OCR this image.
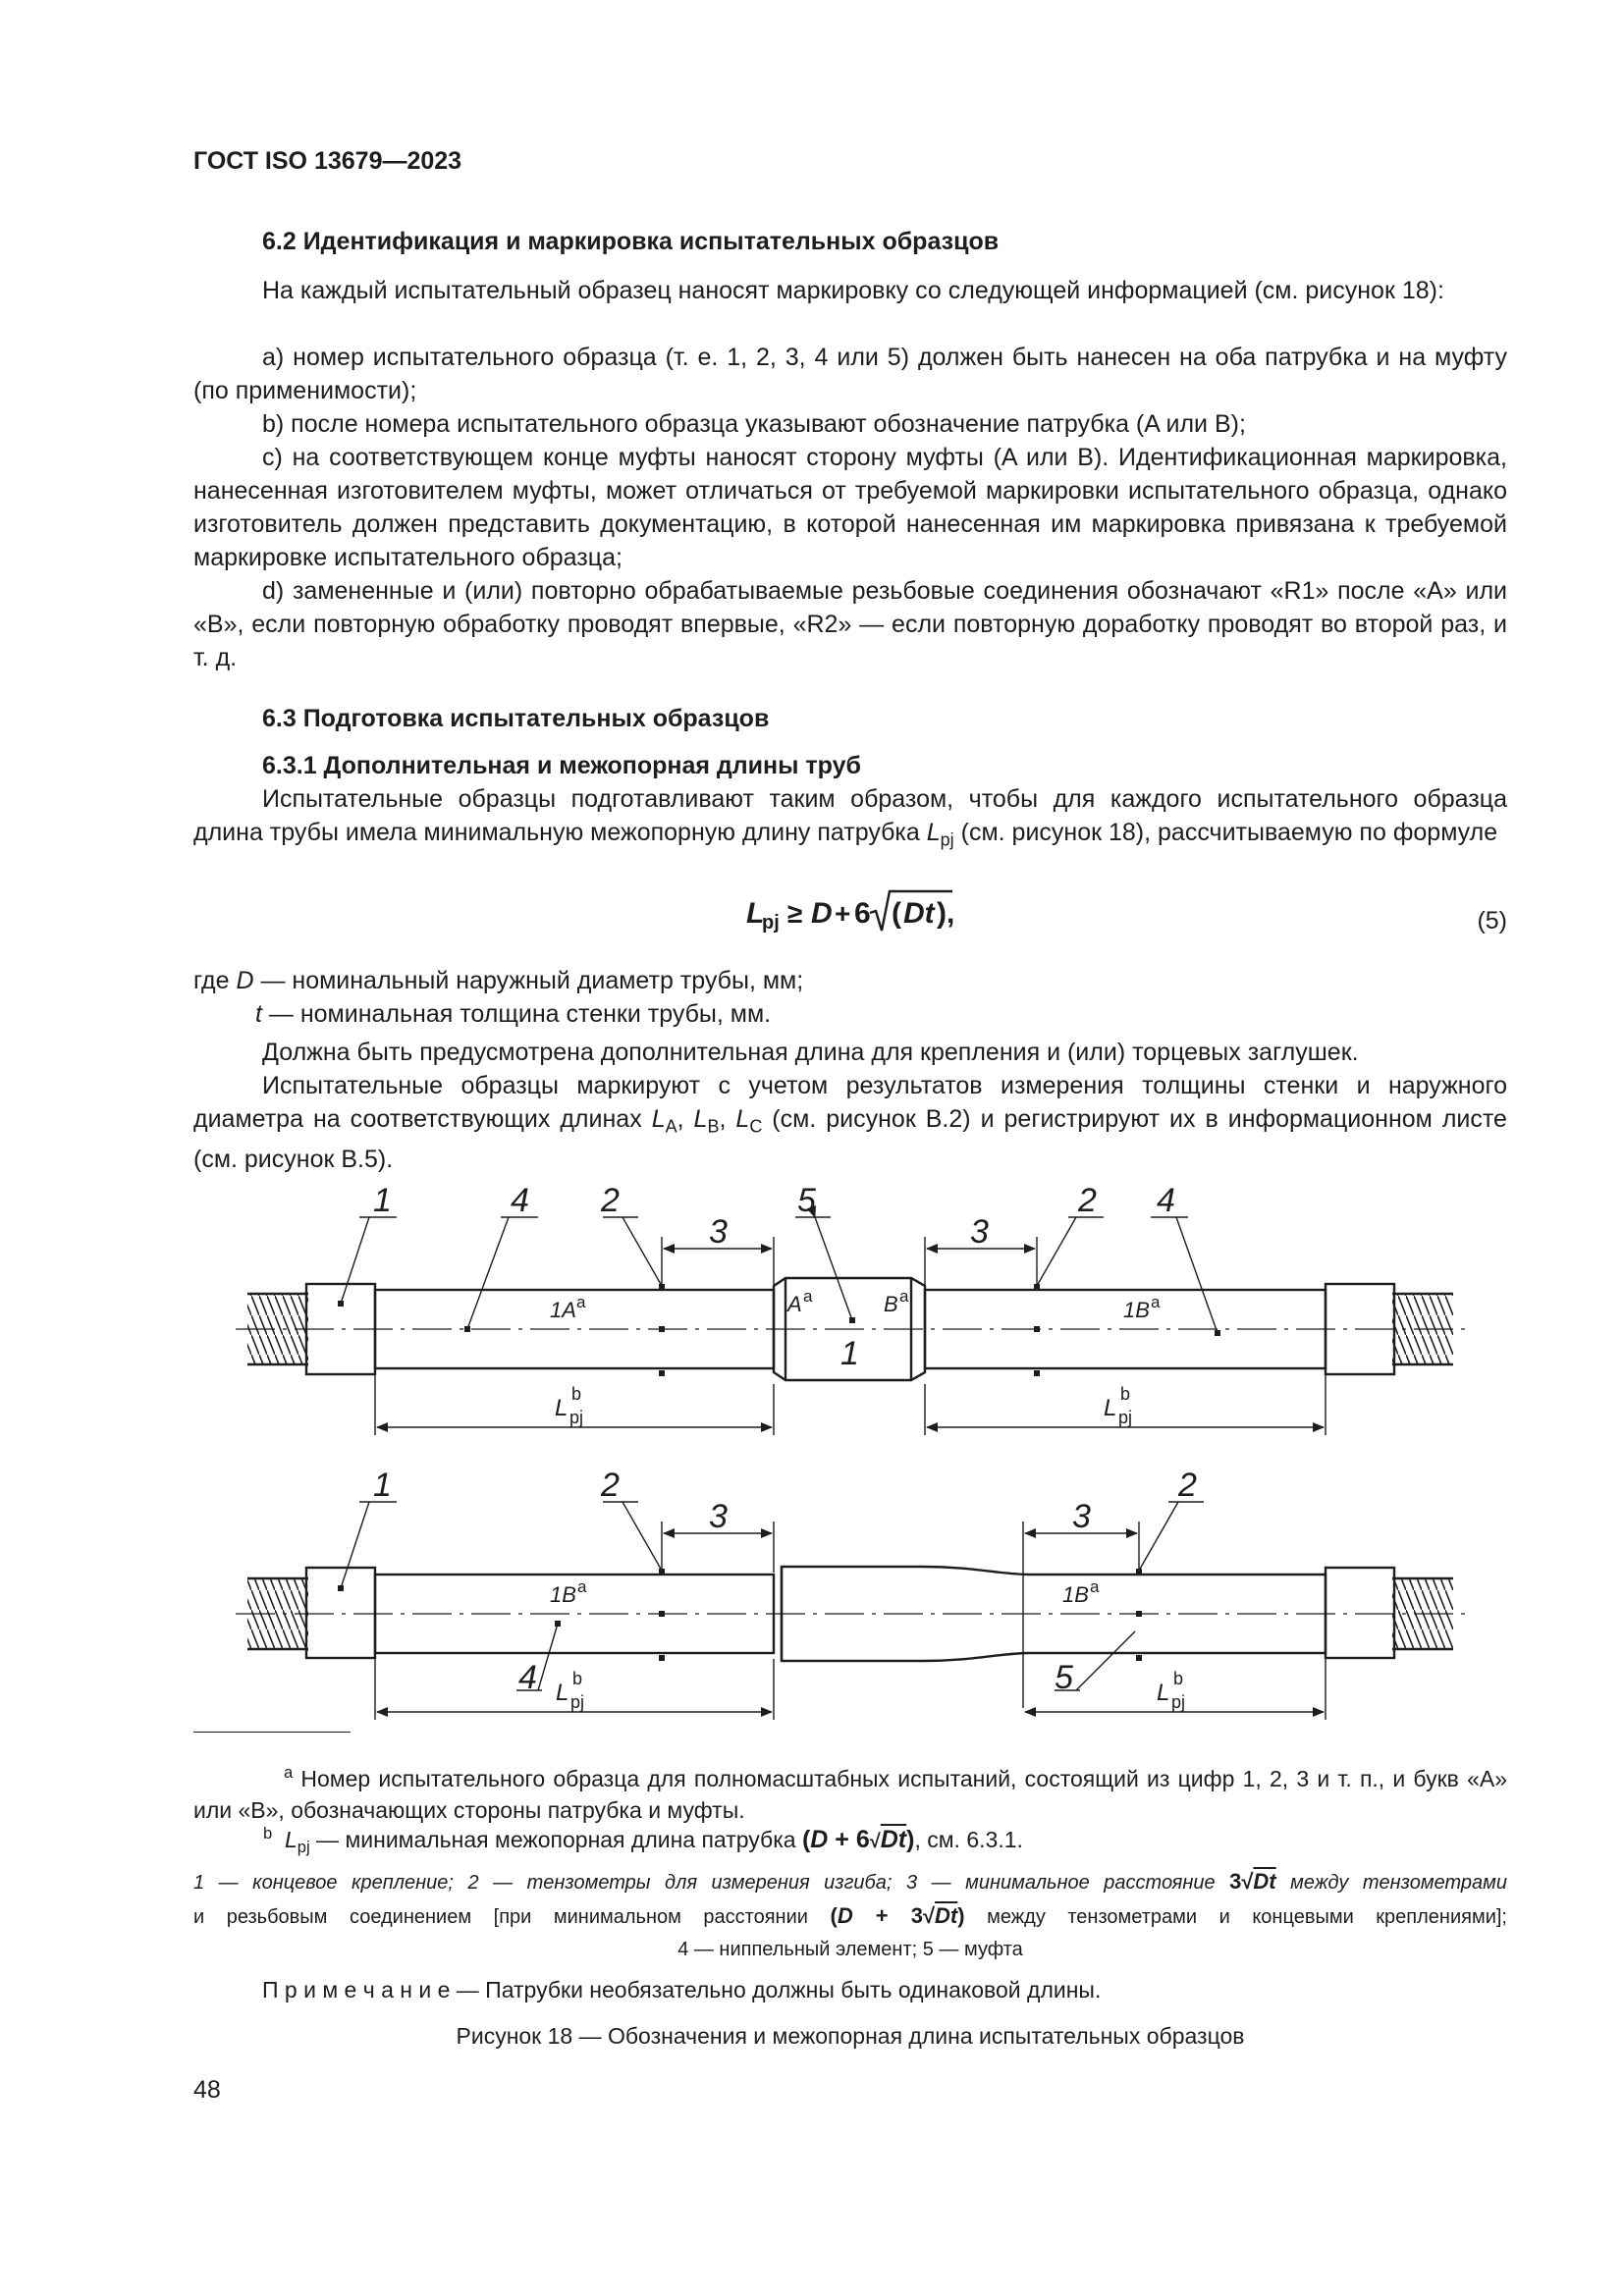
ГОСТ ISO 13679—2023
6.2 Идентификация и маркировка испытательных образцов

На каждый испытательный образец наносят маркировку со следующей информацией (см. рисунок 18):

a) номер испытательного образца (т. е. 1, 2, 3, 4 или 5) должен быть нанесен на оба патрубка и на муфту (по применимости);

b) после номера испытательного образца указывают обозначение патрубка (A или B);

c) на соответствующем конце муфты наносят сторону муфты (A или B). Идентификационная маркировка, нанесенная изготовителем муфты, может отличаться от требуемой маркировки испытательного образца, однако изготовитель должен представить документацию, в которой нанесенная им маркировка привязана к требуемой маркировке испытательного образца;

d) замененные и (или) повторно обрабатываемые резьбовые соединения обозначают «R1» после «A» или «B», если повторную обработку проводят впервые, «R2» — если повторную доработку проводят во второй раз, и т. д.

6.3 Подготовка испытательных образцов
6.3.1 Дополнительная и межопорная длины труб

Испытательные образцы подготавливают таким образом, чтобы для каждого испытательного образца длина трубы имела минимальную межопорную длину патрубка $L_{pj}$ (см. рисунок 18), рассчитываемую по формуле

L
pj ≥ D + 6 ( Dt ),	(5)
где D — номинальный наружный диаметр трубы, мм;
t — номинальная толщина стенки трубы, мм.

Должна быть предусмотрена дополнительная длина для крепления и (или) торцевых заглушек.

Испытательные образцы маркируют с учетом результатов измерения толщины стенки и наружного диаметра на соответствующих длинах $L_A$, $L_B$, $L_C$ (см. рисунок B.2) и регистрируют их в информационном листе (см. рисунок B.5).

1	4 2	5	2 4
3	3
1
1A a	A a	B a
1B a
L pj
b
L pj
b
1	2	2
3	3
4	5
1B a	1B a
L pj
b
L pj
b

$^a$ Номер испытательного образца для полномасштабных испытаний, состоящий из цифр 1, 2, 3 и т. п., и букв «A» или «B», обозначающих стороны патрубка и муфты.

$^b$ $L_{pj}$ — минимальная межопорная длина патрубка (D + 6√Dt), см. 6.3.1.
1 — концевое крепление; 2 — тензометры для измерения изгиба; 3 — минимальное расстояние 3√Dt между тензометрами
и резьбовым соединением [при минимальном расстоянии (D + 3√Dt) между тензометрами и концевыми креплениями];
4 — ниппельный элемент; 5 — муфта
П р и м е ч а н и е — Патрубки необязательно должны быть одинаковой длины.
Рисунок 18 — Обозначения и межопорная длина испытательных образцов
48
